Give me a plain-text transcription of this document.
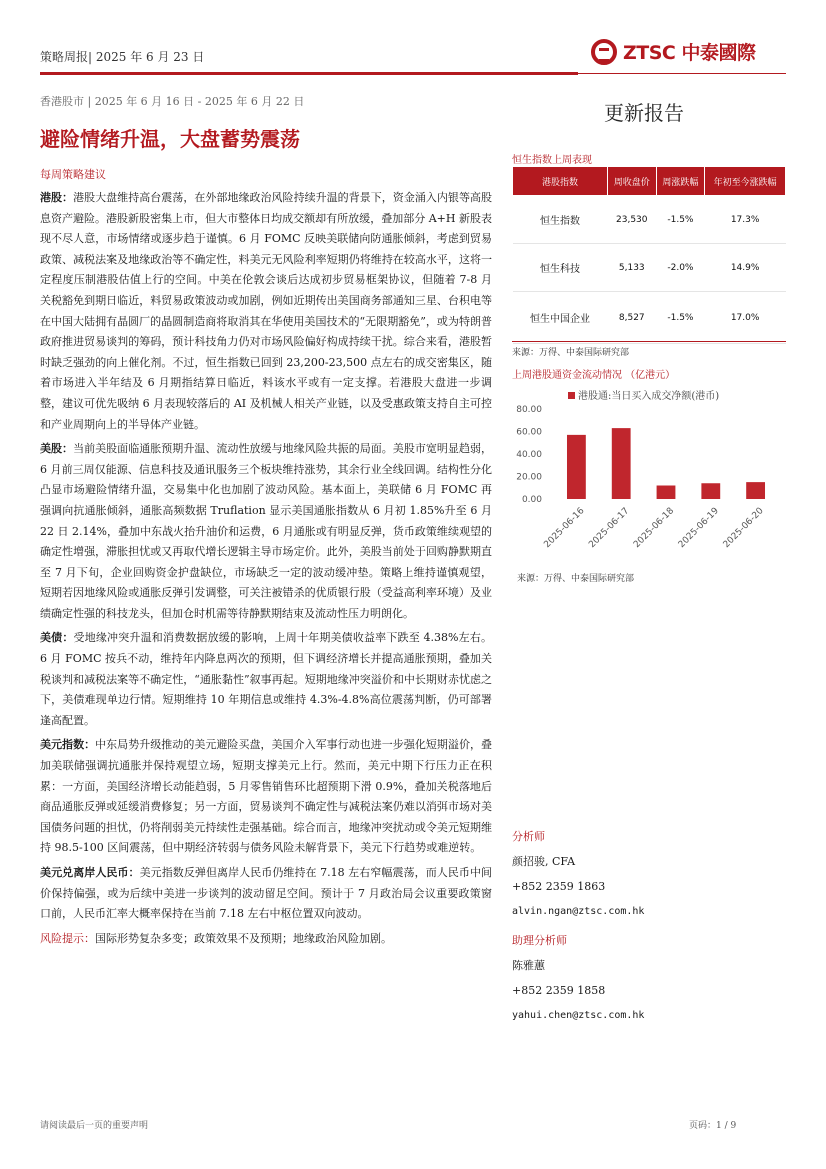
策略周报| 2025 年 6 月 23 日	ZTSC 中泰國際
香港股市 | 2025 年 6 月 16 日 - 2025 年 6 月 22 日	更新报告
避险情绪升温，大盘蓄势震荡
每周策略建议

港股：港股大盘维持高台震荡，在外部地缘政治风险持续升温的背景下，资金涌入内银等高股息资产避险。港股新股密集上市，但大市整体日均成交额却有所放缓，叠加部分 A+H 新股表现不尽人意，市场情绪或逐步趋于谨慎。6 月 FOMC 反映美联储向防通胀倾斜，考虑到贸易政策、减税法案及地缘政治等不确定性，料美元无风险利率短期仍将维持在较高水平，这将一定程度压制港股估值上行的空间。中美在伦敦会谈后达成初步贸易框架协议，但随着 7-8 月关税豁免到期日临近，料贸易政策波动或加剧，例如近期传出美国商务部通知三星、台积电等在中国大陆拥有晶圆厂的晶圆制造商将取消其在华使用美国技术的“无限期豁免”，或为特朗普政府推进贸易谈判的筹码，预计科技角力仍对市场风险偏好构成持续干扰。综合来看，港股暂时缺乏强劲的向上催化剂。不过，恒生指数已回到 23,200-23,500 点左右的成交密集区，随着市场进入半年结及 6 月期指结算日临近，料该水平或有一定支撑。若港股大盘进一步调整，建议可优先吸纳 6 月表现较落后的 AI 及机械人相关产业链，以及受惠政策支持自主可控和产业周期向上的半导体产业链。

美股：当前美股面临通胀预期升温、流动性放缓与地缘风险共振的局面。美股市宽明显趋弱，6 月前三周仅能源、信息科技及通讯服务三个板块维持涨势，其余行业全线回调。结构性分化凸显市场避险情绪升温，交易集中化也加剧了波动风险。基本面上，美联储 6 月 FOMC 再强调向抗通胀倾斜，通胀高频数据 Truflation 显示美国通胀指数从 6 月初 1.85%升至 6 月 22 日 2.14%，叠加中东战火抬升油价和运费，6 月通胀或有明显反弹，货币政策维续观望的确定性增强，滞胀担忧或又再取代增长逻辑主导市场定价。此外，美股当前处于回购静默期直至 7 月下旬，企业回购资金护盘缺位，市场缺乏一定的波动缓冲垫。策略上维持谨慎观望，短期若因地缘风险或通胀反弹引发调整，可关注被错杀的优质银行股（受益高利率环境）及业绩确定性强的科技龙头，但加仓时机需等待静默期结束及流动性压力明朗化。

美债：受地缘冲突升温和消费数据放缓的影响，上周十年期美债收益率下跌至 4.38%左右。6 月 FOMC 按兵不动，维持年内降息两次的预期，但下调经济增长并提高通胀预期，叠加关税谈判和减税法案等不确定性，“通胀黏性”叙事再起。短期地缘冲突溢价和中长期财赤忧虑之下，美债难现单边行情。短期维持 10 年期信息或维持 4.3%-4.8%高位震荡判断，仍可部署逢高配置。

美元指数：中东局势升级推动的美元避险买盘，美国介入军事行动也进一步强化短期溢价，叠加美联储强调抗通胀并保持观望立场，短期支撑美元上行。然而，美元中期下行压力正在积累：一方面，美国经济增长动能趋弱，5 月零售销售环比超预期下滑 0.9%，叠加关税落地后商品通胀反弹或延缓消费修复；另一方面，贸易谈判不确定性与减税法案仍难以消弭市场对美国债务问题的担忧，仍将削弱美元持续性走强基础。综合而言，地缘冲突扰动或令美元短期维持 98.5-100 区间震荡，但中期经济转弱与债务风险未解背景下，美元下行趋势或难逆转。

美元兑离岸人民币：美元指数反弹但离岸人民币仍维持在 7.18 左右窄幅震荡，而人民币中间价保持偏强，或为后续中美进一步谈判的波动留足空间。预计于 7 月政治局会议重要政策窗口前，人民币汇率大概率保持在当前 7.18 左右中枢位置双向波动。

风险提示：国际形势复杂多变；政策效果不及预期；地缘政治风险加剧。

恒生指数上周表现
港股指数	周收盘价	周涨跌幅	年初至今涨跌幅
恒生指数	23,530	-1.5%	17.3%
恒生科技	5,133	-2.0%	14.9%
恒生中国企业	8,527	-1.5%	17.0%
来源：万得、中泰国际研究部
上周港股通资金流动情况 （亿港元）
港股通:当日买入成交净额(港币)
0.00
20.00
40.00
60.00
80.00
2025-06-16 2025-06-17 2025-06-18 2025-06-19 2025-06-20
来源：万得、中泰国际研究部
分析师
颜招骏, CFA
+852 2359 1863
alvin.ngan@ztsc.com.hk
助理分析师
陈雅蕙
+852 2359 1858
yahui.chen@ztsc.com.hk
请阅读最后一页的重要声明	页码：1 / 9
